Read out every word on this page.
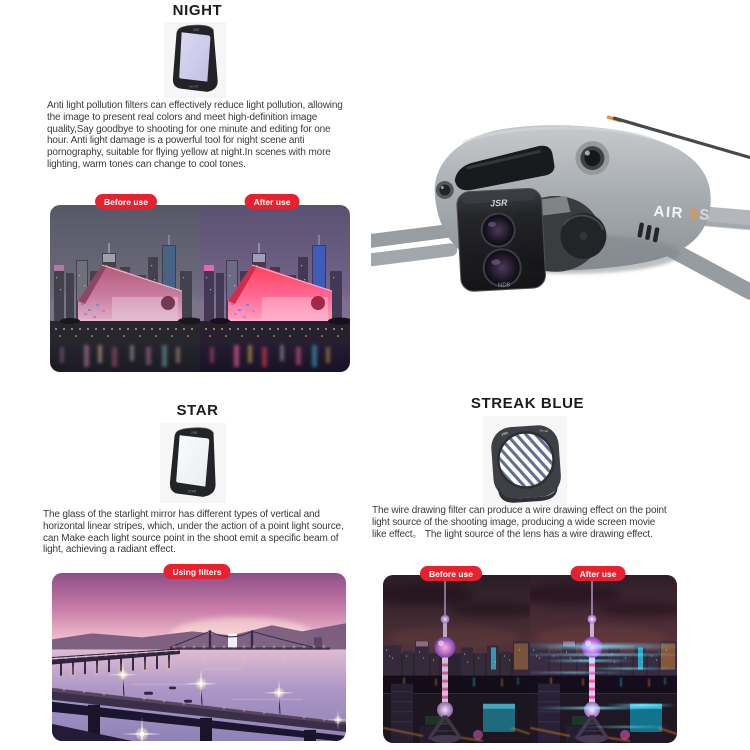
NIGHT
JSR
NIGHT

Anti light pollution filters can effectively reduce light pollution, allowing the image to present real colors and meet high-definition image quality,Say goodbye to shooting for one minute and editing for one hour. Anti light damage is a powerful tool for night scene anti pornography, suitable for flying yellow at night.In scenes with more lighting, warm tones can change to cool tones.

Before use	After use	JSR
ND8
AIR 3S
STAR
JSR
STAR

The glass of the starlight mirror has different types of vertical and horizontal linear stripes, which, under the action of a point light source, can Make each light source point in the shoot emit a specific beam of light, achieving a radiant effect.

Using filters
STREAK BLUE
JSR
Streak

The wire drawing filter can produce a wire drawing effect on the point light source of the shooting image, producing a wide screen movie like effect。 The light source of the lens has a wire drawing effect.

Before use	After use
